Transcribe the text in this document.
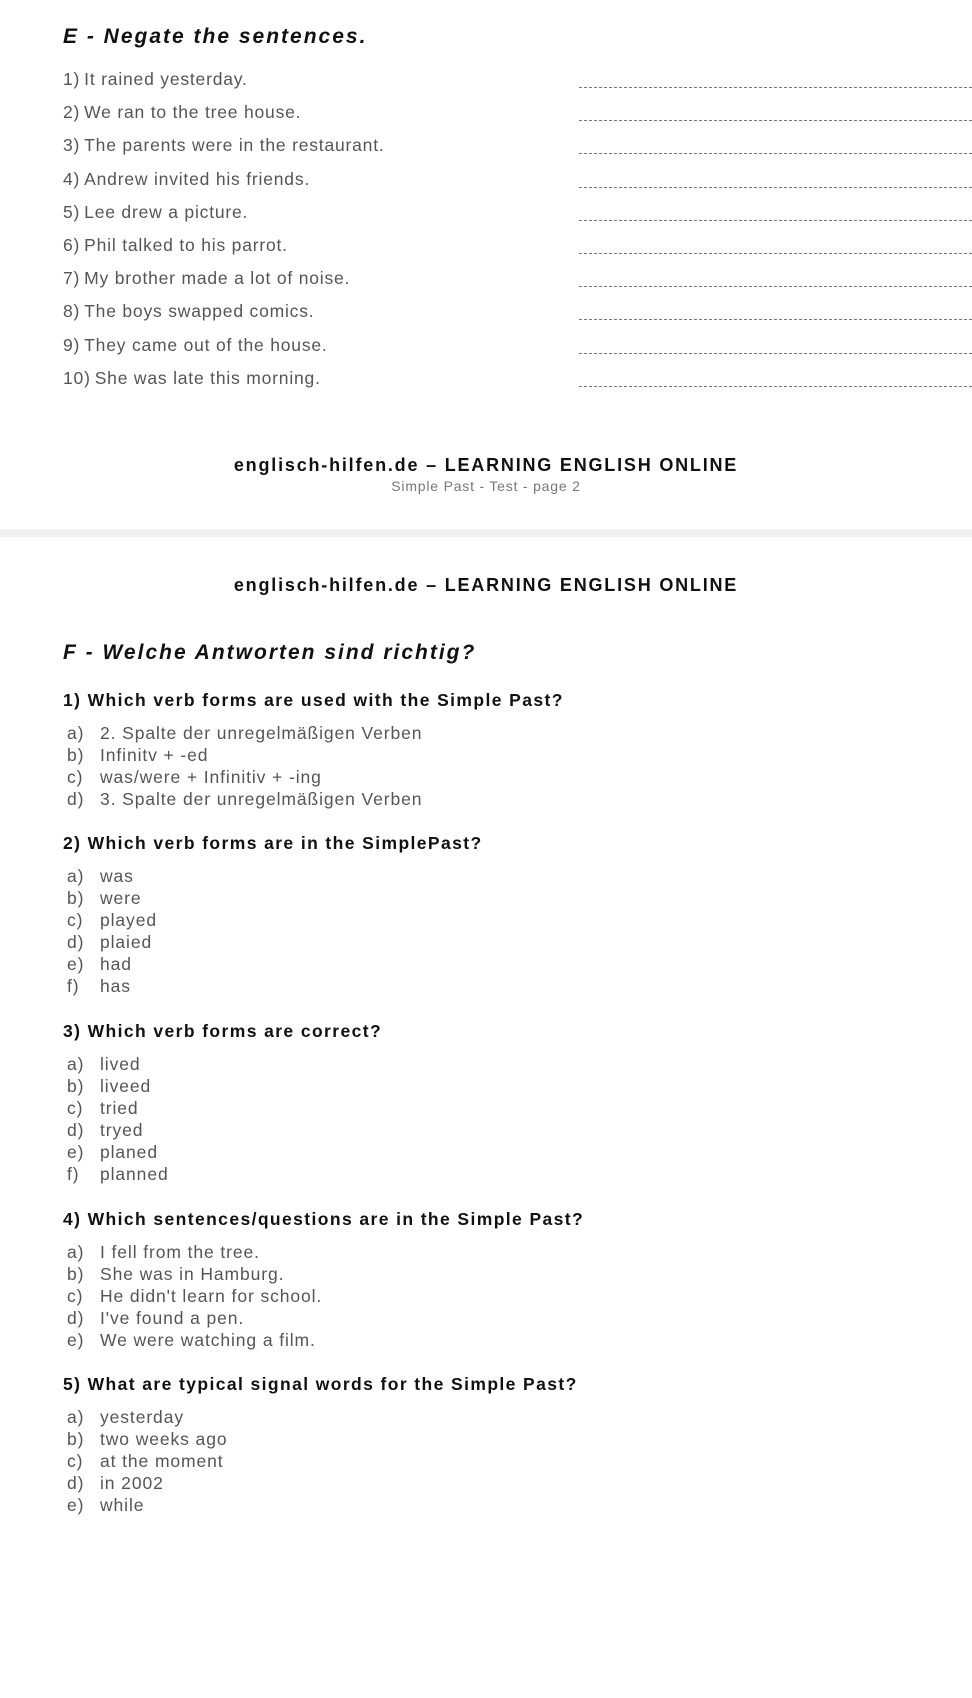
E - Negate the sentences.
1) It rained yesterday.
2) We ran to the tree house.
3) The parents were in the restaurant.
4) Andrew invited his friends.
5) Lee drew a picture.
6) Phil talked to his parrot.
7) My brother made a lot of noise.
8) The boys swapped comics.
9) They came out of the house.
10) She was late this morning.
englisch-hilfen.de – LEARNING ENGLISH ONLINE
Simple Past - Test - page 2
englisch-hilfen.de – LEARNING ENGLISH ONLINE
F - Welche Antworten sind richtig?

1) Which verb forms are used with the Simple Past?

a) 2. Spalte der unregelmäßigen Verben
b) Infinitv + -ed
c) was/were + Infinitiv + -ing
d) 3. Spalte der unregelmäßigen Verben

2) Which verb forms are in the SimplePast?

a) was
b) were
c) played
d) plaied
e) had
f) has

3) Which verb forms are correct?

a) lived
b) liveed
c) tried
d) tryed
e) planed
f) planned

4) Which sentences/questions are in the Simple Past?

a) I fell from the tree.
b) She was in Hamburg.
c) He didn't learn for school.
d) I've found a pen.
e) We were watching a film.

5) What are typical signal words for the Simple Past?

a) yesterday
b) two weeks ago
c) at the moment
d) in 2002
e) while
